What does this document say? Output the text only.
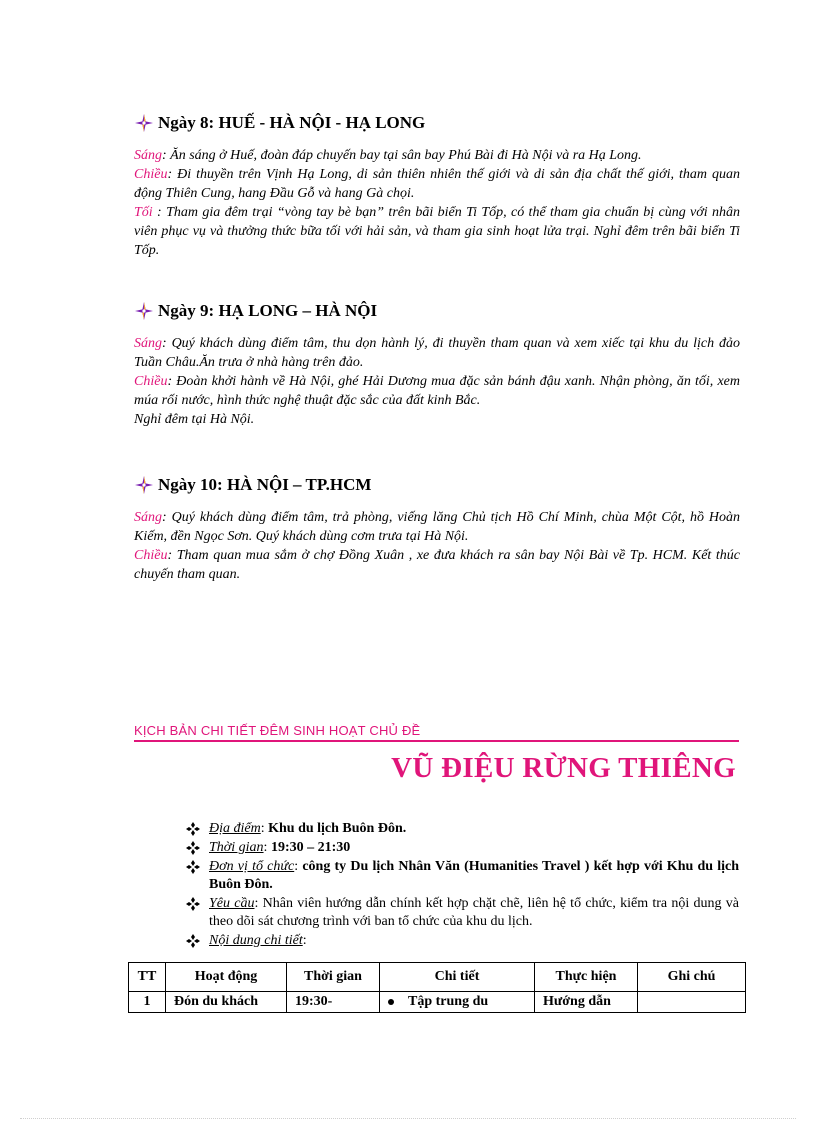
Ngày 8: HUẾ - HÀ NỘI - HẠ LONG

Sáng: Ăn sáng ở Huế, đoàn đáp chuyến bay tại sân bay Phú Bài đi Hà Nội và ra Hạ Long.

Chiều: Đi thuyền trên Vịnh Hạ Long, di sản thiên nhiên thế giới và di sản địa chất thế giới, tham quan động Thiên Cung, hang Đầu Gỗ và hang Gà chọi.

Tối : Tham gia đêm trại “vòng tay bè bạn” trên bãi biển Ti Tốp, có thể tham gia chuẩn bị cùng với nhân viên phục vụ và thưởng thức bữa tối với hải sản, và tham gia sinh hoạt lửa trại. Nghỉ đêm trên bãi biển Ti Tốp.

Ngày 9: HẠ LONG – HÀ NỘI

Sáng: Quý khách dùng điểm tâm, thu dọn hành lý, đi thuyền tham quan và xem xiếc tại khu du lịch đảo Tuần Châu.Ăn trưa ở nhà hàng trên đảo.

Chiều: Đoàn khởi hành về Hà Nội, ghé Hải Dương mua đặc sản bánh đậu xanh. Nhận phòng, ăn tối, xem múa rối nước, hình thức nghệ thuật đặc sắc của đất kinh Bắc.

Nghỉ đêm tại Hà Nội.

Ngày 10: HÀ NỘI – TP.HCM

Sáng: Quý khách dùng điểm tâm, trả phòng, viếng lăng Chủ tịch Hồ Chí Minh, chùa Một Cột, hồ Hoàn Kiếm, đền Ngọc Sơn. Quý khách dùng cơm trưa tại Hà Nội.

Chiều: Tham quan mua sắm ở chợ Đồng Xuân , xe đưa khách ra sân bay Nội Bài về Tp. HCM. Kết thúc chuyến tham quan.

KỊCH BẢN CHI TIẾT ĐÊM SINH HOẠT CHỦ ĐỀ
VŨ ĐIỆU RỪNG THIÊNG
Địa điểm: Khu du lịch Buôn Đôn.
Thời gian: 19:30 – 21:30
Đơn vị tổ chức: công ty Du lịch Nhân Văn (Humanities Travel ) kết hợp với Khu du lịch Buôn Đôn.
Yêu cầu: Nhân viên hướng dẫn chính kết hợp chặt chẽ, liên hệ tổ chức, kiểm tra nội dung và theo dõi sát chương trình với ban tổ chức của khu du lịch.
Nội dung chi tiết:
TT	Hoạt động	Thời gian	Chi tiết	Thực hiện	Ghi chú
1	Đón du khách	19:30-	Tập trung du	Hướng dẫn	
